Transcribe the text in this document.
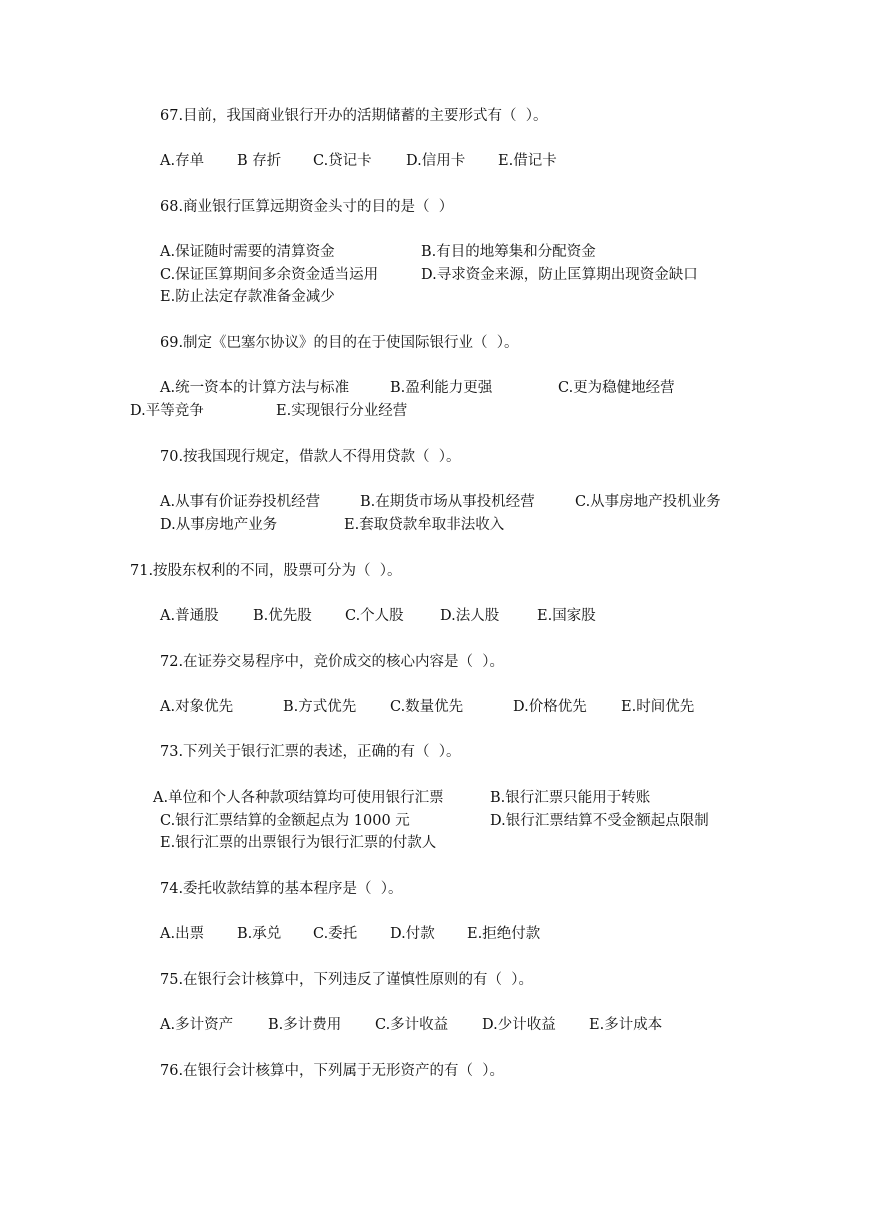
67.目前，我国商业银行开办的活期储蓄的主要形式有（  ）。
A.存单 B 存折 C.贷记卡 D.信用卡 E.借记卡
68.商业银行匡算远期资金头寸的目的是（  ）
A.保证随时需要的清算资金	B.有目的地筹集和分配资金
C.保证匡算期间多余资金适当运用	D.寻求资金来源，防止匡算期出现资金缺口
E.防止法定存款准备金减少
69.制定《巴塞尔协议》的目的在于使国际银行业（  ）。
A.统一资本的计算方法与标准	B.盈利能力更强	C.更为稳健地经营
D.平等竞争	E.实现银行分业经营
70.按我国现行规定，借款人不得用贷款（  ）。
A.从事有价证券投机经营	B.在期货市场从事投机经营	C.从事房地产投机业务
D.从事房地产业务	E.套取贷款牟取非法收入
71.按股东权利的不同，股票可分为（  ）。
A.普通股 B.优先股 C.个人股	D.法人股	E.国家股
72.在证券交易程序中，竞价成交的核心内容是（  ）。
A.对象优先	B.方式优先 C.数量优先	D.价格优先 E.时间优先
73.下列关于银行汇票的表述，正确的有（  ）。
A.单位和个人各种款项结算均可使用银行汇票	B.银行汇票只能用于转账
C.银行汇票结算的金额起点为 1000 元	D.银行汇票结算不受金额起点限制
E.银行汇票的出票银行为银行汇票的付款人
74.委托收款结算的基本程序是（  ）。
A.出票 B.承兑 C.委托 D.付款 E.拒绝付款
75.在银行会计核算中，下列违反了谨慎性原则的有（  ）。
A.多计资产 B.多计费用 C.多计收益 D.少计收益 E.多计成本
76.在银行会计核算中，下列属于无形资产的有（  ）。
